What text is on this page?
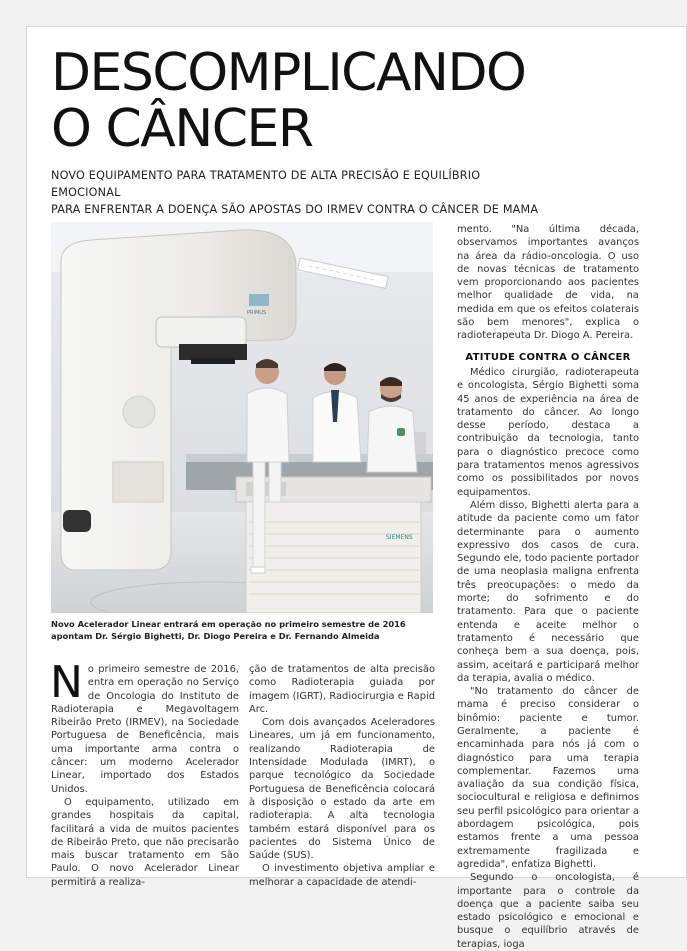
DESCOMPLICANDO
O CÂNCER

NOVO EQUIPAMENTO PARA TRATAMENTO DE ALTA PRECISÃO E EQUILÍBRIO EMOCIONAL
PARA ENFRENTAR A DOENÇA SÃO APOSTAS DO IRMEV CONTRA O CÂNCER DE MAMA

PRIMUS
SIEMENS

Novo Acelerador Linear entrará em operação no primeiro semestre de 2016
apontam Dr. Sérgio Bighetti, Dr. Diogo Pereira e Dr. Fernando Almeida

No primeiro semestre de 2016, entra em operação no Serviço de Oncologia do Instituto de Radioterapia e Megavoltagem Ribeirão Preto (IRMEV), na Sociedade Portuguesa de Beneficência, mais uma importante arma contra o câncer: um moderno Acelerador Linear, importado dos Estados Unidos.

O equipamento, utilizado em grandes hospitais da capital, facilitará a vida de muitos pacientes de Ribeirão Preto, que não precisarão mais buscar tratamento em São Paulo. O novo Acelerador Linear permitirá a realiza-

ção de tratamentos de alta precisão como Radioterapia guiada por imagem (IGRT), Radiocirurgia e Rapid Arc.

Com dois avançados Aceleradores Lineares, um já em funcionamento, realizando Radioterapia de Intensidade Modulada (IMRT), o parque tecnológico da Sociedade Portuguesa de Beneficência colocará à disposição o estado da arte em radioterapia. A alta tecnologia também estará disponível para os pacientes do Sistema Único de Saúde (SUS).

O investimento objetiva ampliar e melhorar a capacidade de atendi-

mento. "Na última década, observamos importantes avanços na área da rádio-oncologia. O uso de novas técnicas de tratamento vem proporcionando aos pacientes melhor qualidade de vida, na medida em que os efeitos colaterais são bem menores", explica o radioterapeuta Dr. Diogo A. Pereira.

ATITUDE CONTRA O CÂNCER

Médico cirurgião, radioterapeuta e oncologista, Sérgio Bighetti soma 45 anos de experiência na área de tratamento do câncer. Ao longo desse período, destaca a contribuição da tecnologia, tanto para o diagnóstico precoce como para tratamentos menos agressivos como os possibilitados por novos equipamentos.

Além disso, Bighetti alerta para a atitude da paciente como um fator determinante para o aumento expressivo dos casos de cura. Segundo ele, todo paciente portador de uma neoplasia maligna enfrenta três preocupações: o medo da morte; do sofrimento e do tratamento. Para que o paciente entenda e aceite melhor o tratamento é necessário que conheça bem a sua doença, pois, assim, aceitará e participará melhor da terapia, avalia o médico.

"No tratamento do câncer de mama é preciso considerar o binômio: paciente e tumor. Geralmente, a paciente é encaminhada para nós já com o diagnóstico para uma terapia complementar. Fazemos uma avaliação da sua condição física, sociocultural e religiosa e definimos seu perfil psicológico para orientar a abordagem psicológica, pois estamos frente a uma pessoa extremamente fragilizada e agredida", enfatiza Bighetti.

Segundo o oncologista, é importante para o controle da doença que a paciente saiba seu estado psicológico e emocional e busque o equilíbrio através de terapias, ioga
